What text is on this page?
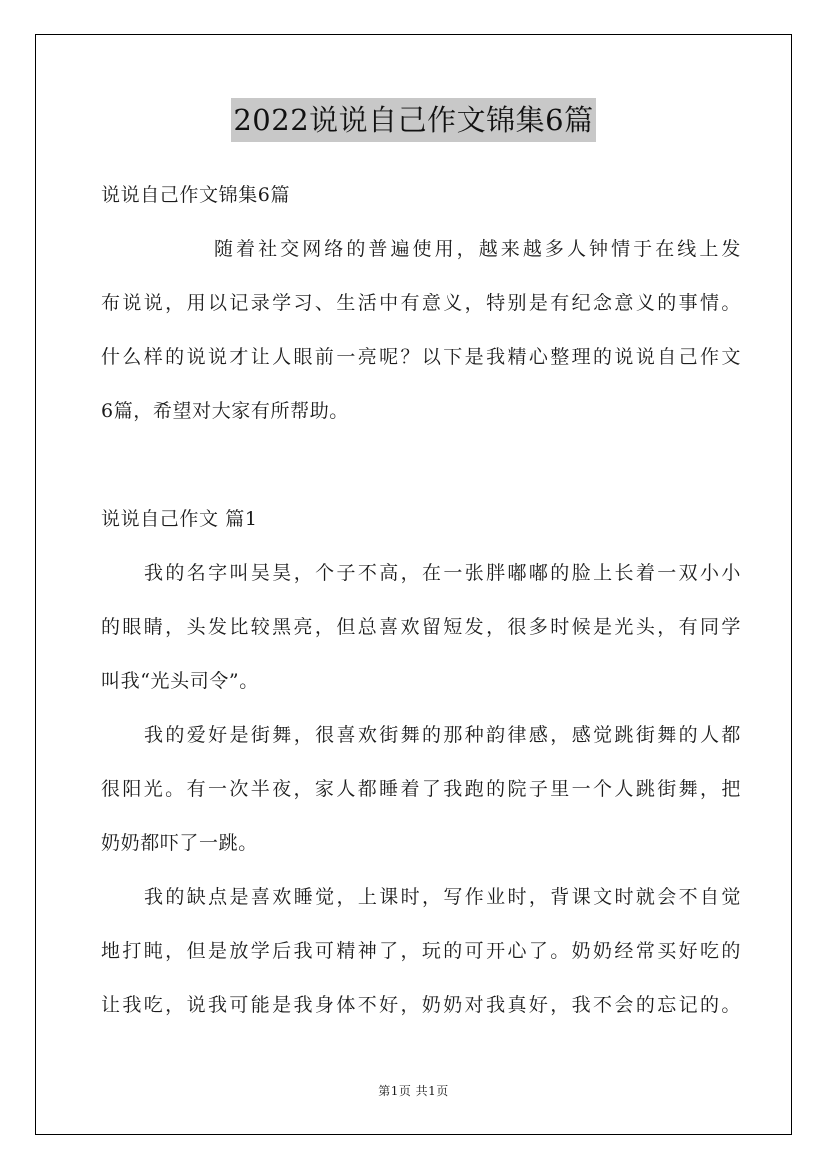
2022说说自己作文锦集6篇
说说自己作文锦集6篇
随着社交网络的普遍使用，越来越多人钟情于在线上发
布说说，用以记录学习、生活中有意义，特别是有纪念意义的事情。
什么样的说说才让人眼前一亮呢？以下是我精心整理的说说自己作文
6篇，希望对大家有所帮助。
说说自己作文 篇1
我的名字叫吴昊，个子不高，在一张胖嘟嘟的脸上长着一双小小
的眼睛，头发比较黑亮，但总喜欢留短发，很多时候是光头，有同学
叫我“光头司令”。
我的爱好是街舞，很喜欢街舞的那种韵律感，感觉跳街舞的人都
很阳光。有一次半夜，家人都睡着了我跑的院子里一个人跳街舞，把
奶奶都吓了一跳。
我的缺点是喜欢睡觉，上课时，写作业时，背课文时就会不自觉
地打盹，但是放学后我可精神了，玩的可开心了。奶奶经常买好吃的
让我吃，说我可能是我身体不好，奶奶对我真好，我不会的忘记的。
第1页 共1页
